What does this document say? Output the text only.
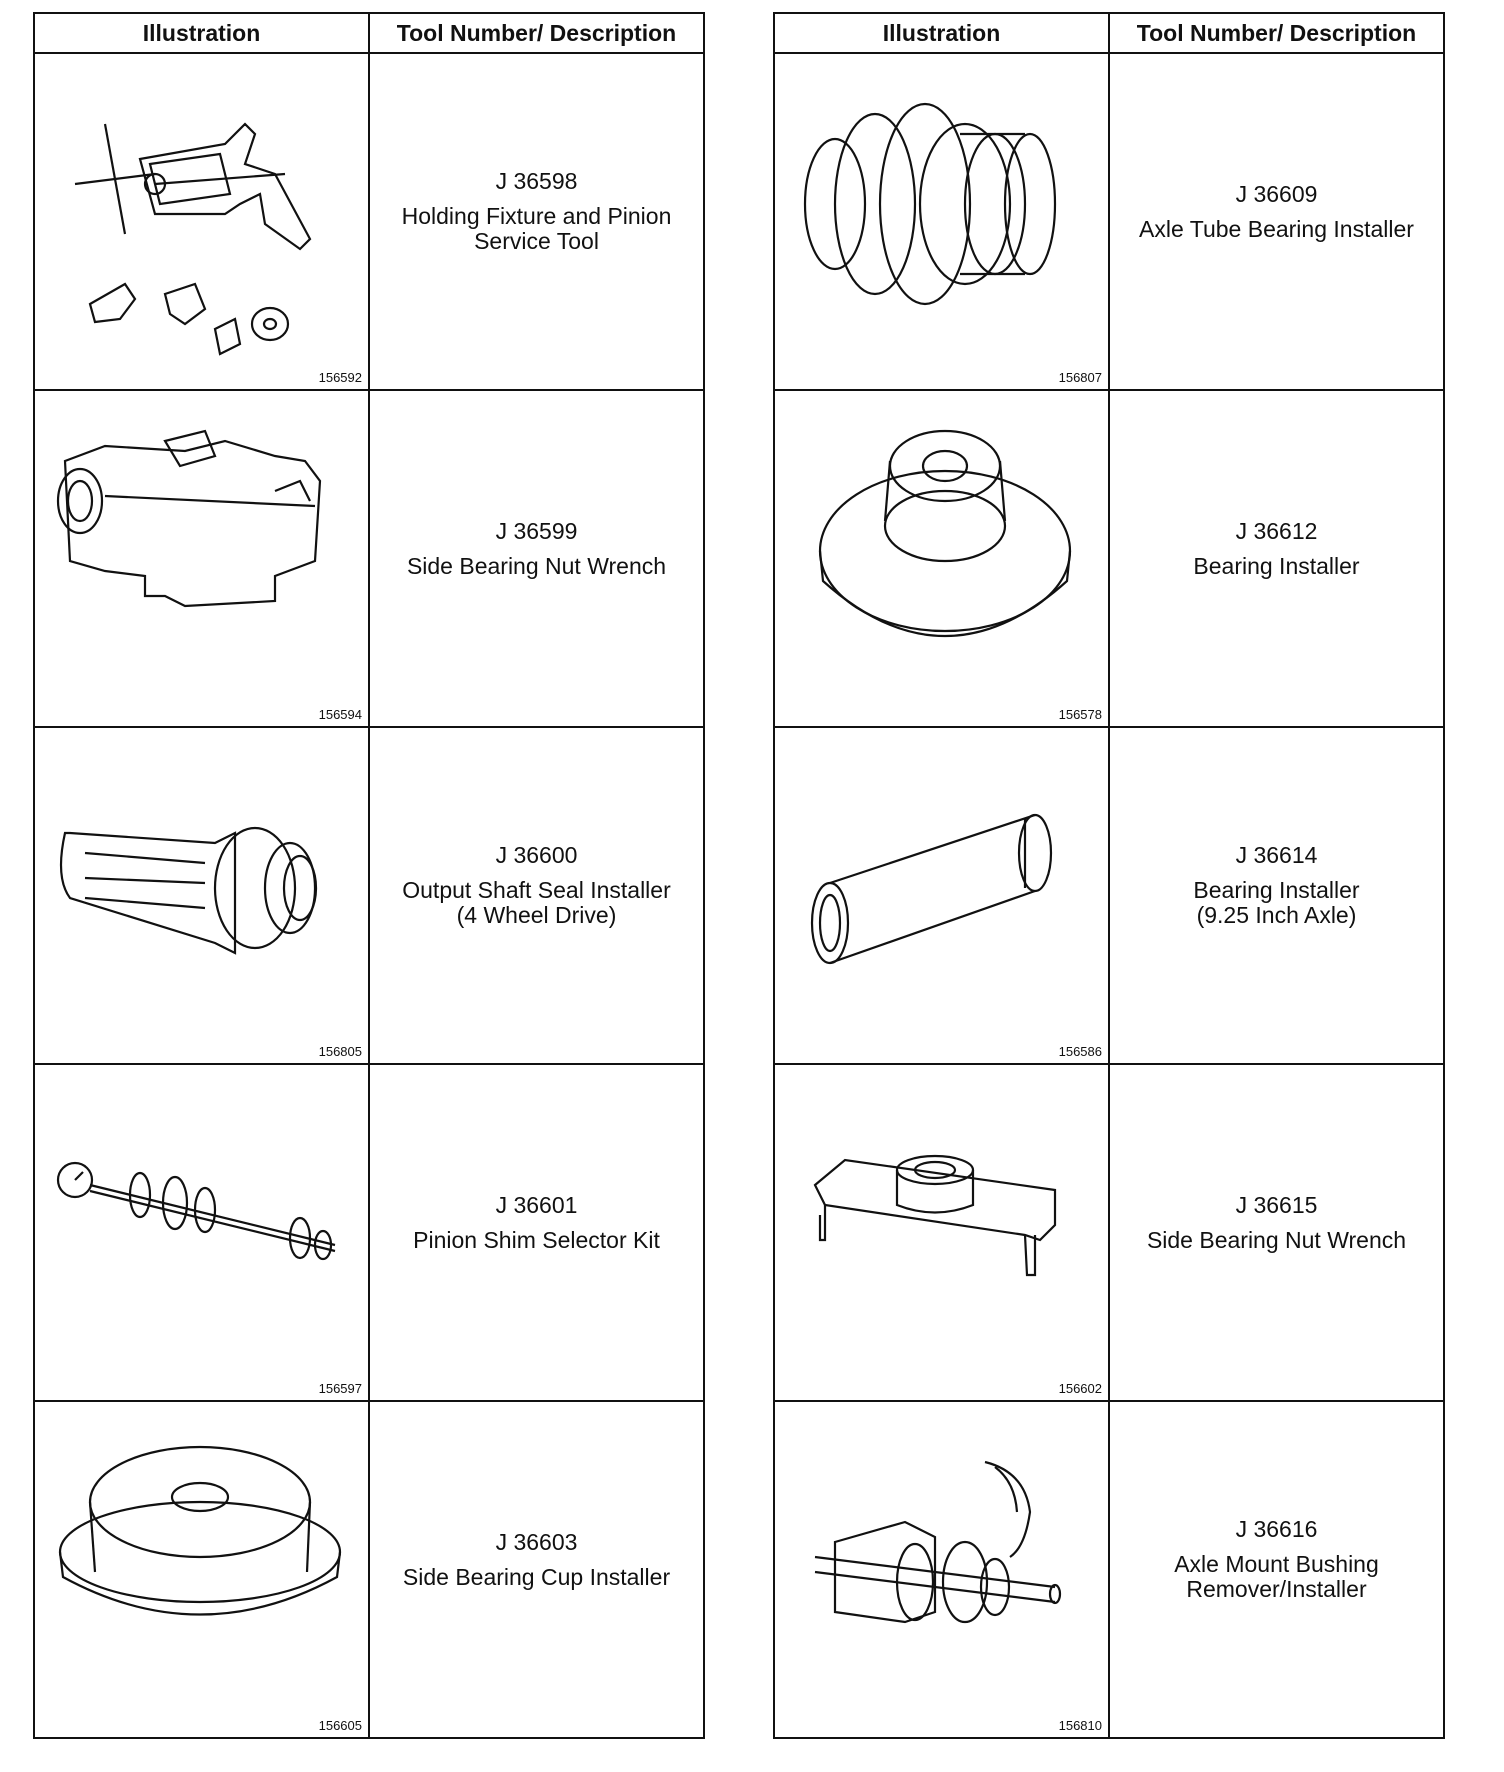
Illustration	Tool Number/ Description
156592
J 36598
Holding Fixture and Pinion
Service Tool
156594
J 36599
Side Bearing Nut Wrench
156805
J 36600
Output Shaft Seal Installer
(4 Wheel Drive)
156597
J 36601
Pinion Shim Selector Kit
156605
J 36603
Side Bearing Cup Installer
Illustration	Tool Number/ Description
156807
J 36609
Axle Tube Bearing Installer
156578
J 36612
Bearing Installer
156586
J 36614
Bearing Installer
(9.25 Inch Axle)
156602
J 36615
Side Bearing Nut Wrench
156810
J 36616
Axle Mount Bushing
Remover/Installer
